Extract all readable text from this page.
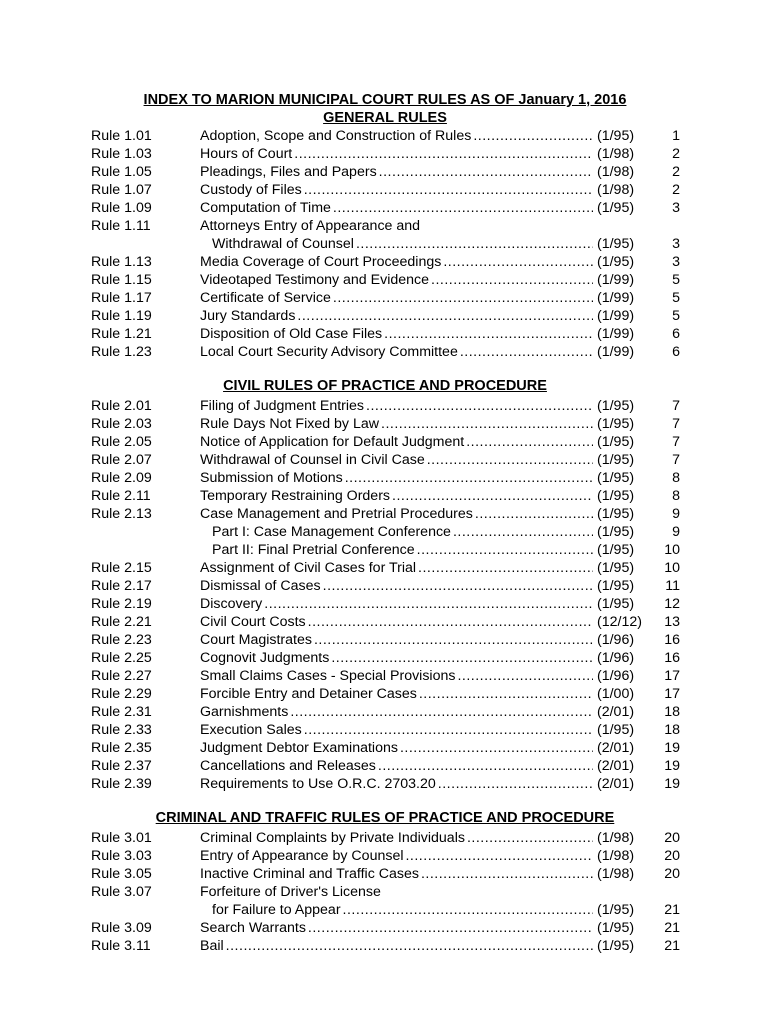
INDEX TO MARION MUNICIPAL COURT RULES AS OF January 1, 2016
GENERAL RULES
Rule 1.01	Adoption, Scope and Construction of Rules .....	(1/95)	1
Rule 1.03	Hours of Court .....	(1/98)	2
Rule 1.05	Pleadings, Files and Papers .....	(1/98)	2
Rule 1.07	Custody of Files .....	(1/98)	2
Rule 1.09	Computation of Time .....	(1/95)	3
Rule 1.11	Attorneys Entry of Appearance and
Withdrawal of Counsel .....	(1/95)	3
Rule 1.13	Media Coverage of Court Proceedings .....	(1/95)	3
Rule 1.15	Videotaped Testimony and Evidence .....	(1/99)	5
Rule 1.17	Certificate of Service .....	(1/99)	5
Rule 1.19	Jury Standards .....	(1/99)	5
Rule 1.21	Disposition of Old Case Files .....	(1/99)	6
Rule 1.23	Local Court Security Advisory Committee .....	(1/99)	6
CIVIL RULES OF PRACTICE AND PROCEDURE
Rule 2.01	Filing of Judgment Entries .....	(1/95)	7
Rule 2.03	Rule Days Not Fixed by Law .....	(1/95)	7
Rule 2.05	Notice of Application for Default Judgment .....	(1/95)	7
Rule 2.07	Withdrawal of Counsel in Civil Case .....	(1/95)	7
Rule 2.09	Submission of Motions .....	(1/95)	8
Rule 2.11	Temporary Restraining Orders .....	(1/95)	8
Rule 2.13	Case Management and Pretrial Procedures .....	(1/95)	9
Part I: Case Management Conference .....	(1/95)	9
Part II: Final Pretrial Conference .....	(1/95) 10
Rule 2.15	Assignment of Civil Cases for Trial .....	(1/95) 10
Rule 2.17	Dismissal of Cases .....	(1/95) 11
Rule 2.19	Discovery .....	(1/95) 12
Rule 2.21	Civil Court Costs .....	(12/12) 13
Rule 2.23	Court Magistrates .....	(1/96) 16
Rule 2.25	Cognovit Judgments .....	(1/96) 16
Rule 2.27	Small Claims Cases - Special Provisions .....	(1/96) 17
Rule 2.29	Forcible Entry and Detainer Cases .....	(1/00) 17
Rule 2.31	Garnishments .....	(2/01) 18
Rule 2.33	Execution Sales .....	(1/95) 18
Rule 2.35	Judgment Debtor Examinations .....	(2/01) 19
Rule 2.37	Cancellations and Releases .....	(2/01) 19
Rule 2.39	Requirements to Use O.R.C. 2703.20 .....	(2/01) 19
CRIMINAL AND TRAFFIC RULES OF PRACTICE AND PROCEDURE
Rule 3.01	Criminal Complaints by Private Individuals .....	(1/98) 20
Rule 3.03	Entry of Appearance by Counsel .....	(1/98) 20
Rule 3.05	Inactive Criminal and Traffic Cases .....	(1/98) 20
Rule 3.07	Forfeiture of Driver's License
for Failure to Appear .....	(1/95) 21
Rule 3.09	Search Warrants .....	(1/95) 21
Rule 3.11	Bail .....	(1/95) 21
